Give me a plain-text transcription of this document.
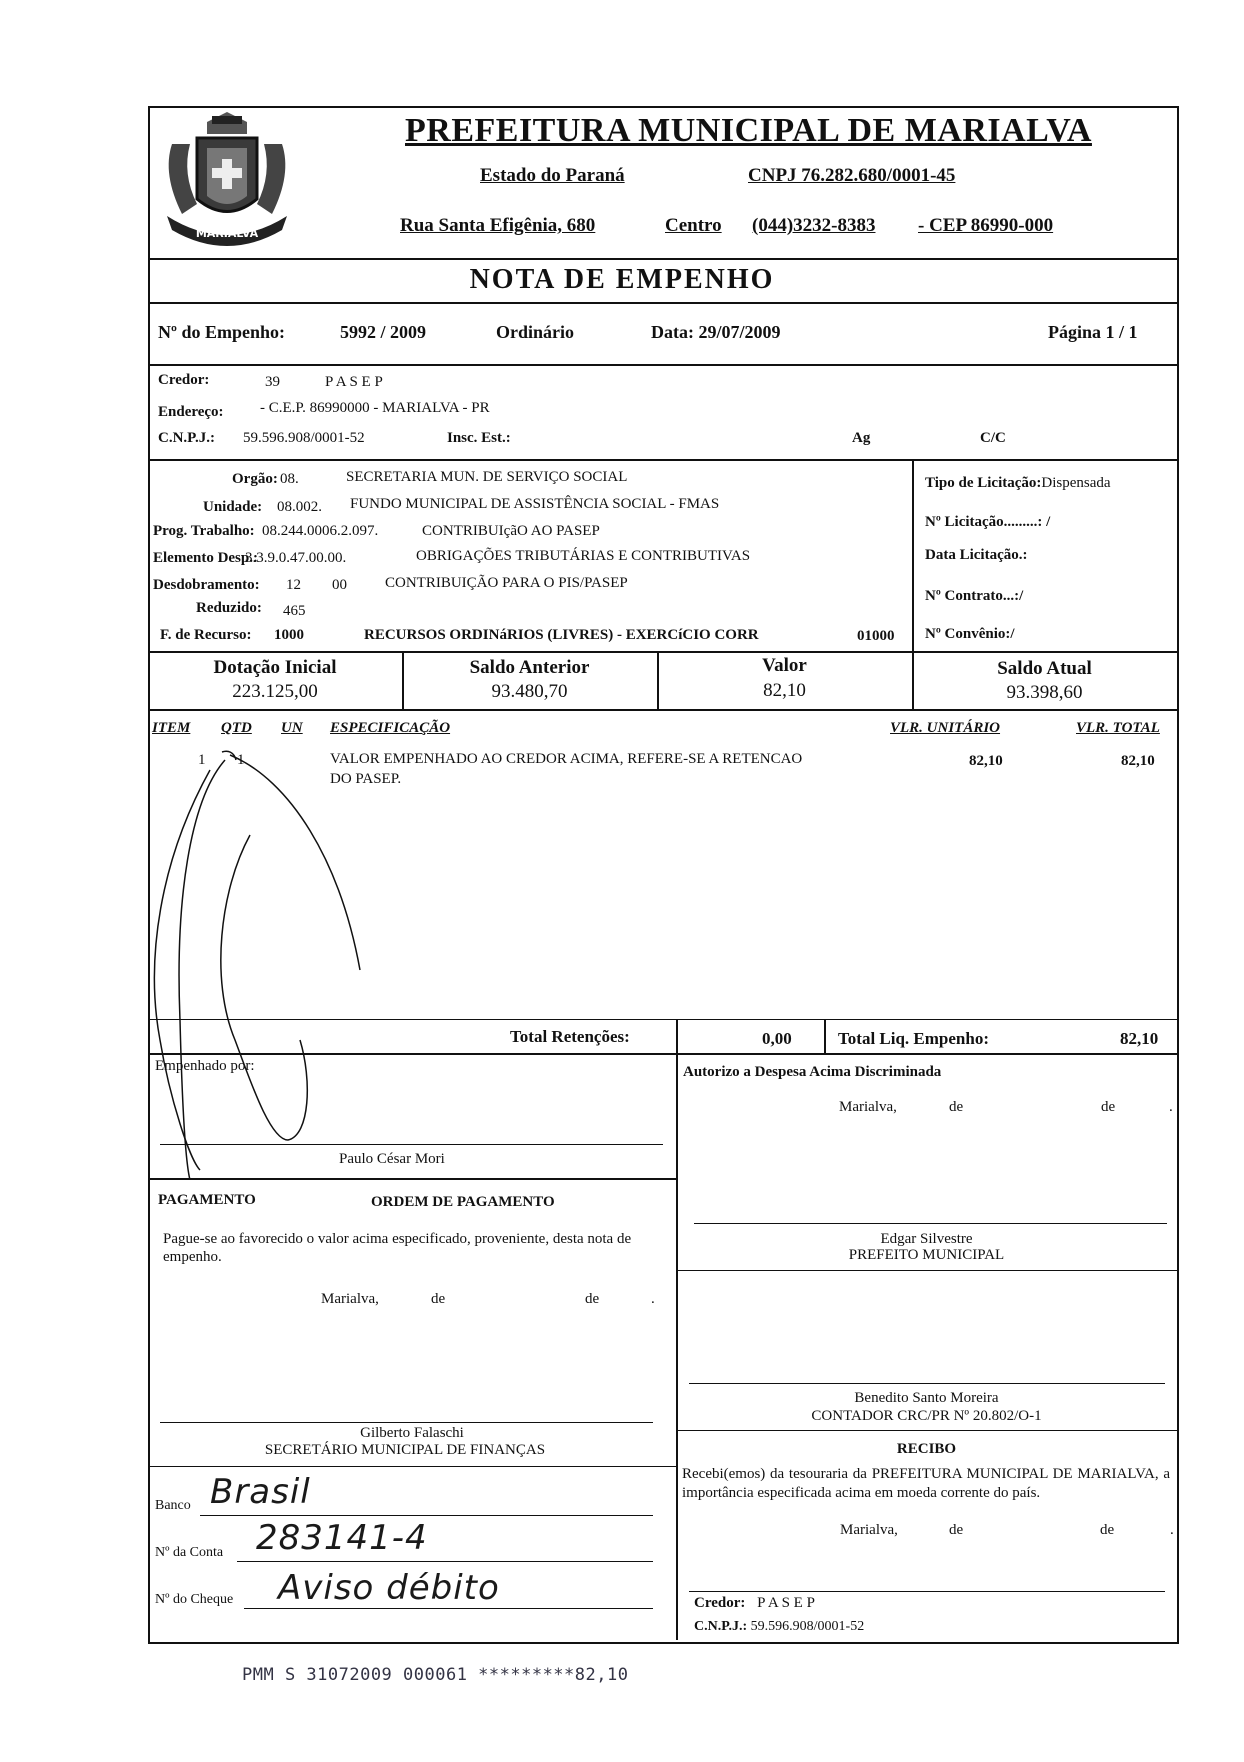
MARIALVA
PREFEITURA MUNICIPAL DE MARIALVA
Estado do Paraná	CNPJ 76.282.680/0001-45
Rua Santa Efigênia, 680	Centro (044)3232-8383 - CEP 86990-000
NOTA DE EMPENHO
Nº do Empenho:	5992 / 2009	Ordinário	Data: 29/07/2009	Página 1 / 1
Credor:	39	P A S E P
Endereço: - C.E.P. 86990000 - MARIALVA - PR
C.N.P.J.: 59.596.908/0001-52	Insc. Est.:	Ag	C/C
Orgão: 08.	SECRETARIA MUN. DE SERVIÇO SOCIAL
Unidade: 08.002. FUNDO MUNICIPAL DE ASSISTÊNCIA SOCIAL - FMAS
Prog. Trabalho: 08.244.0006.2.097.	CONTRIBUIçãO AO PASEP
Elemento Desp.:
3.3.9.0.47.00.00.	OBRIGAÇÕES TRIBUTÁRIAS E CONTRIBUTIVAS
Desdobramento: 12 00	CONTRIBUIÇÃO PARA O PIS/PASEP
Reduzido: 465
F. de Recurso: 1000	RECURSOS ORDINáRIOS (LIVRES) - EXERCíCIO CORR	01000
Tipo de Licitação:Dispensada
Nº Licitação.........: /
Data Licitação.:
Nº Contrato...:/
Nº Convênio:/
Dotação Inicial
223.125,00
Saldo Anterior
93.480,70
Valor
82,10
Saldo Atual
93.398,60
ITEM QTD UN ESPECIFICAÇÃO	VLR. UNITÁRIO	VLR. TOTAL
1 1	VALOR EMPENHADO AO CREDOR ACIMA, REFERE-SE A RETENCAO
DO PASEP.
82,10	82,10
Total Retenções:	0,00	Total Liq. Empenho:	82,10
Empenhado por:
Paulo César Mori
PAGAMENTO	ORDEM DE PAGAMENTO
Pague-se ao favorecido o valor acima especificado, proveniente, desta nota de empenho.
Marialva,	de	de	.
Gilberto Falaschi
SECRETÁRIO MUNICIPAL DE FINANÇAS
Banco Brasil
Nº da Conta 283141-4
Nº do Cheque Aviso débito
Autorizo a Despesa Acima Discriminada
Marialva,	de	de	.
Edgar Silvestre
PREFEITO MUNICIPAL
Benedito Santo Moreira
CONTADOR CRC/PR Nº 20.802/O-1
RECIBO
Recebi(emos) da tesouraria da PREFEITURA MUNICIPAL DE MARIALVA, a importância especificada acima em moeda corrente do país.
Marialva,	de	de	.
Credor: P A S E P
C.N.P.J.: 59.596.908/0001-52
PMM S 31072009 000061 *********82,10
